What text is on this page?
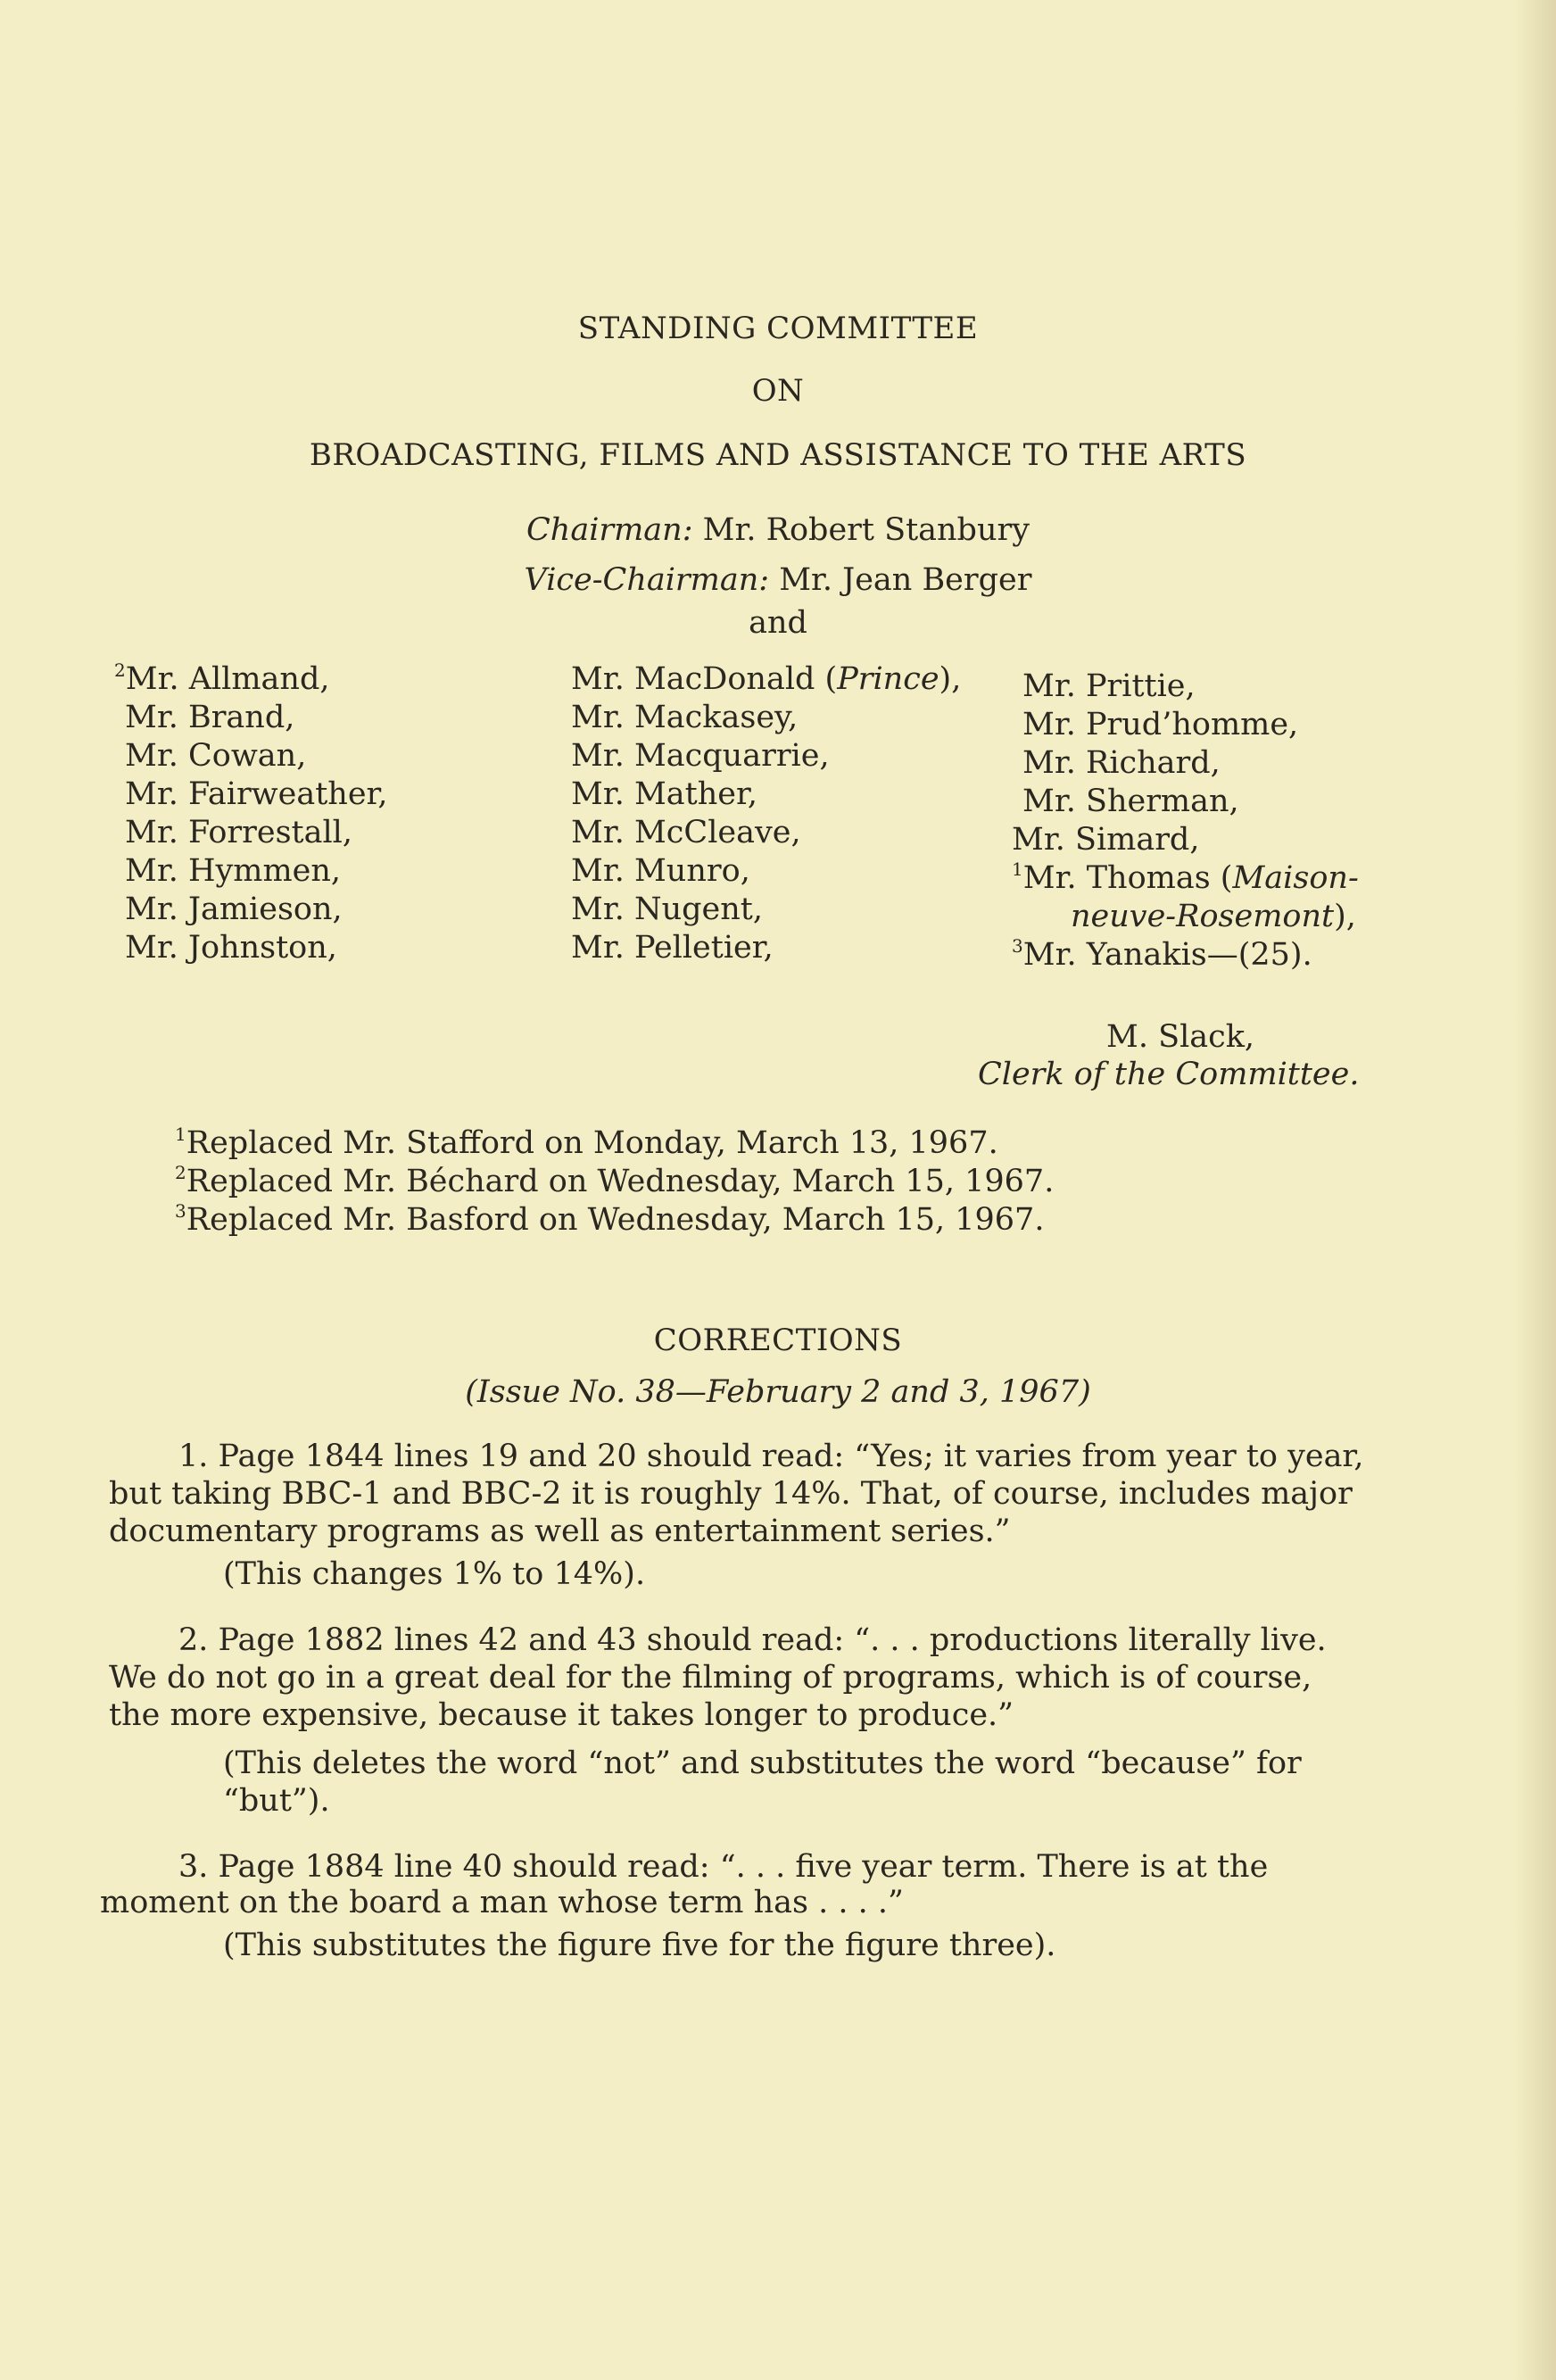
STANDING COMMITTEE
ON
BROADCASTING, FILMS AND ASSISTANCE TO THE ARTS
Chairman: Mr. Robert Stanbury
Vice-Chairman: Mr. Jean Berger
and
$^2$Mr. Allmand,
Mr. Brand,
Mr. Cowan,
Mr. Fairweather,
Mr. Forrestall,
Mr. Hymmen,
Mr. Jamieson,
Mr. Johnston,
Mr. MacDonald (Prince),
Mr. Mackasey,
Mr. Macquarrie,
Mr. Mather,
Mr. McCleave,
Mr. Munro,
Mr. Nugent,
Mr. Pelletier,
Mr. Prittie,
Mr. Prud’homme,
Mr. Richard,
Mr. Sherman,
Mr. Simard,
$^1$Mr. Thomas (Maison-
neuve-Rosemont),
$^3$Mr. Yanakis—(25).
M. Slack,
Clerk of the Committee.
$^1$Replaced Mr. Stafford on Monday, March 13, 1967.
$^2$Replaced Mr. Béchard on Wednesday, March 15, 1967.
$^3$Replaced Mr. Basford on Wednesday, March 15, 1967.
CORRECTIONS
(Issue No. 38—February 2 and 3, 1967)
1. Page 1844 lines 19 and 20 should read: “Yes; it varies from year to year,
but taking BBC-1 and BBC-2 it is roughly 14%. That, of course, includes major
documentary programs as well as entertainment series.”
(This changes 1% to 14%).
2. Page 1882 lines 42 and 43 should read: “. . . productions literally live.
We do not go in a great deal for the filming of programs, which is of course,
the more expensive, because it takes longer to produce.”
(This deletes the word “not” and substitutes the word “because” for
“but”).
3. Page 1884 line 40 should read: “. . . five year term. There is at the
moment on the board a man whose term has . . . .”
(This substitutes the figure five for the figure three).
